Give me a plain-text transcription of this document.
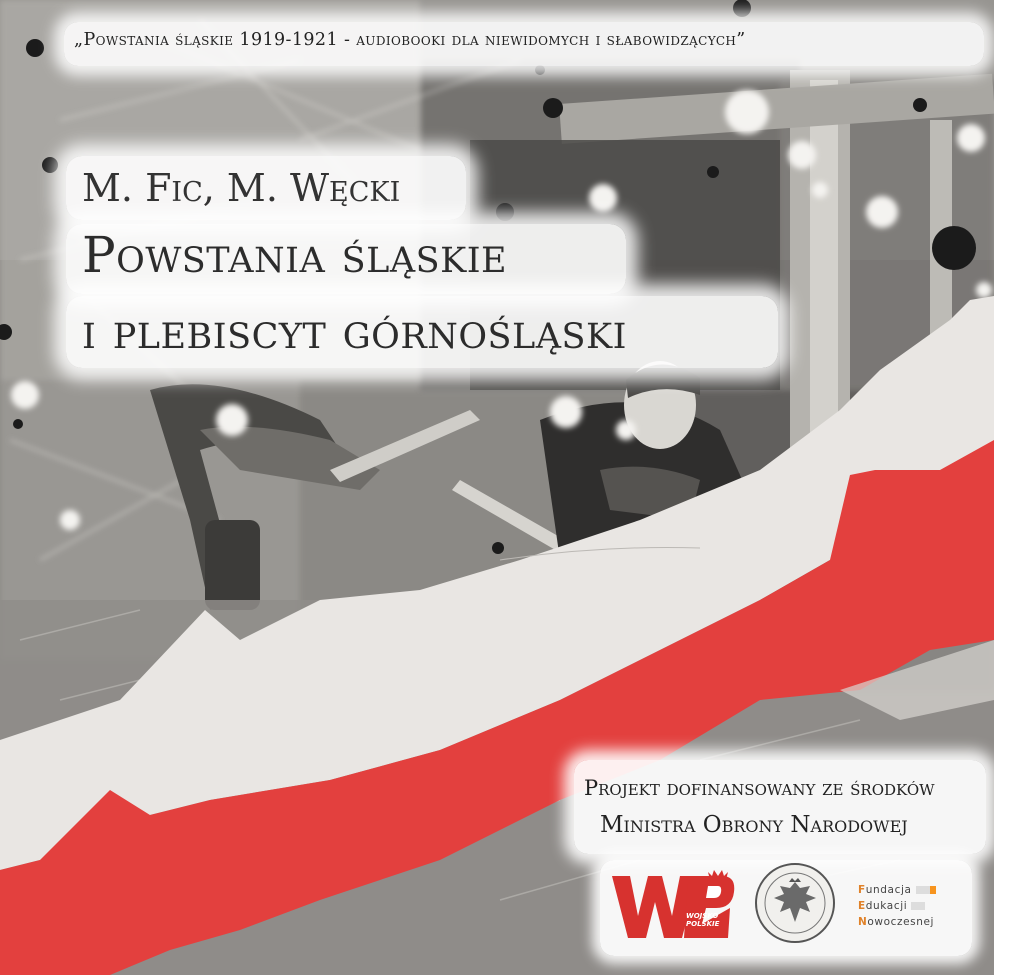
„Powstania śląskie 1919-1921 - audiobooki dla niewidomych i słabowidzących”
M. Fic, M. Węcki
Powstania śląskie
i plebiscyt górnośląski
Projekt dofinansowany ze środków
Ministra Obrony Narodowej
WOJSKO
POLSKIE
Fundacja
Edukacji
Nowoczesnej
